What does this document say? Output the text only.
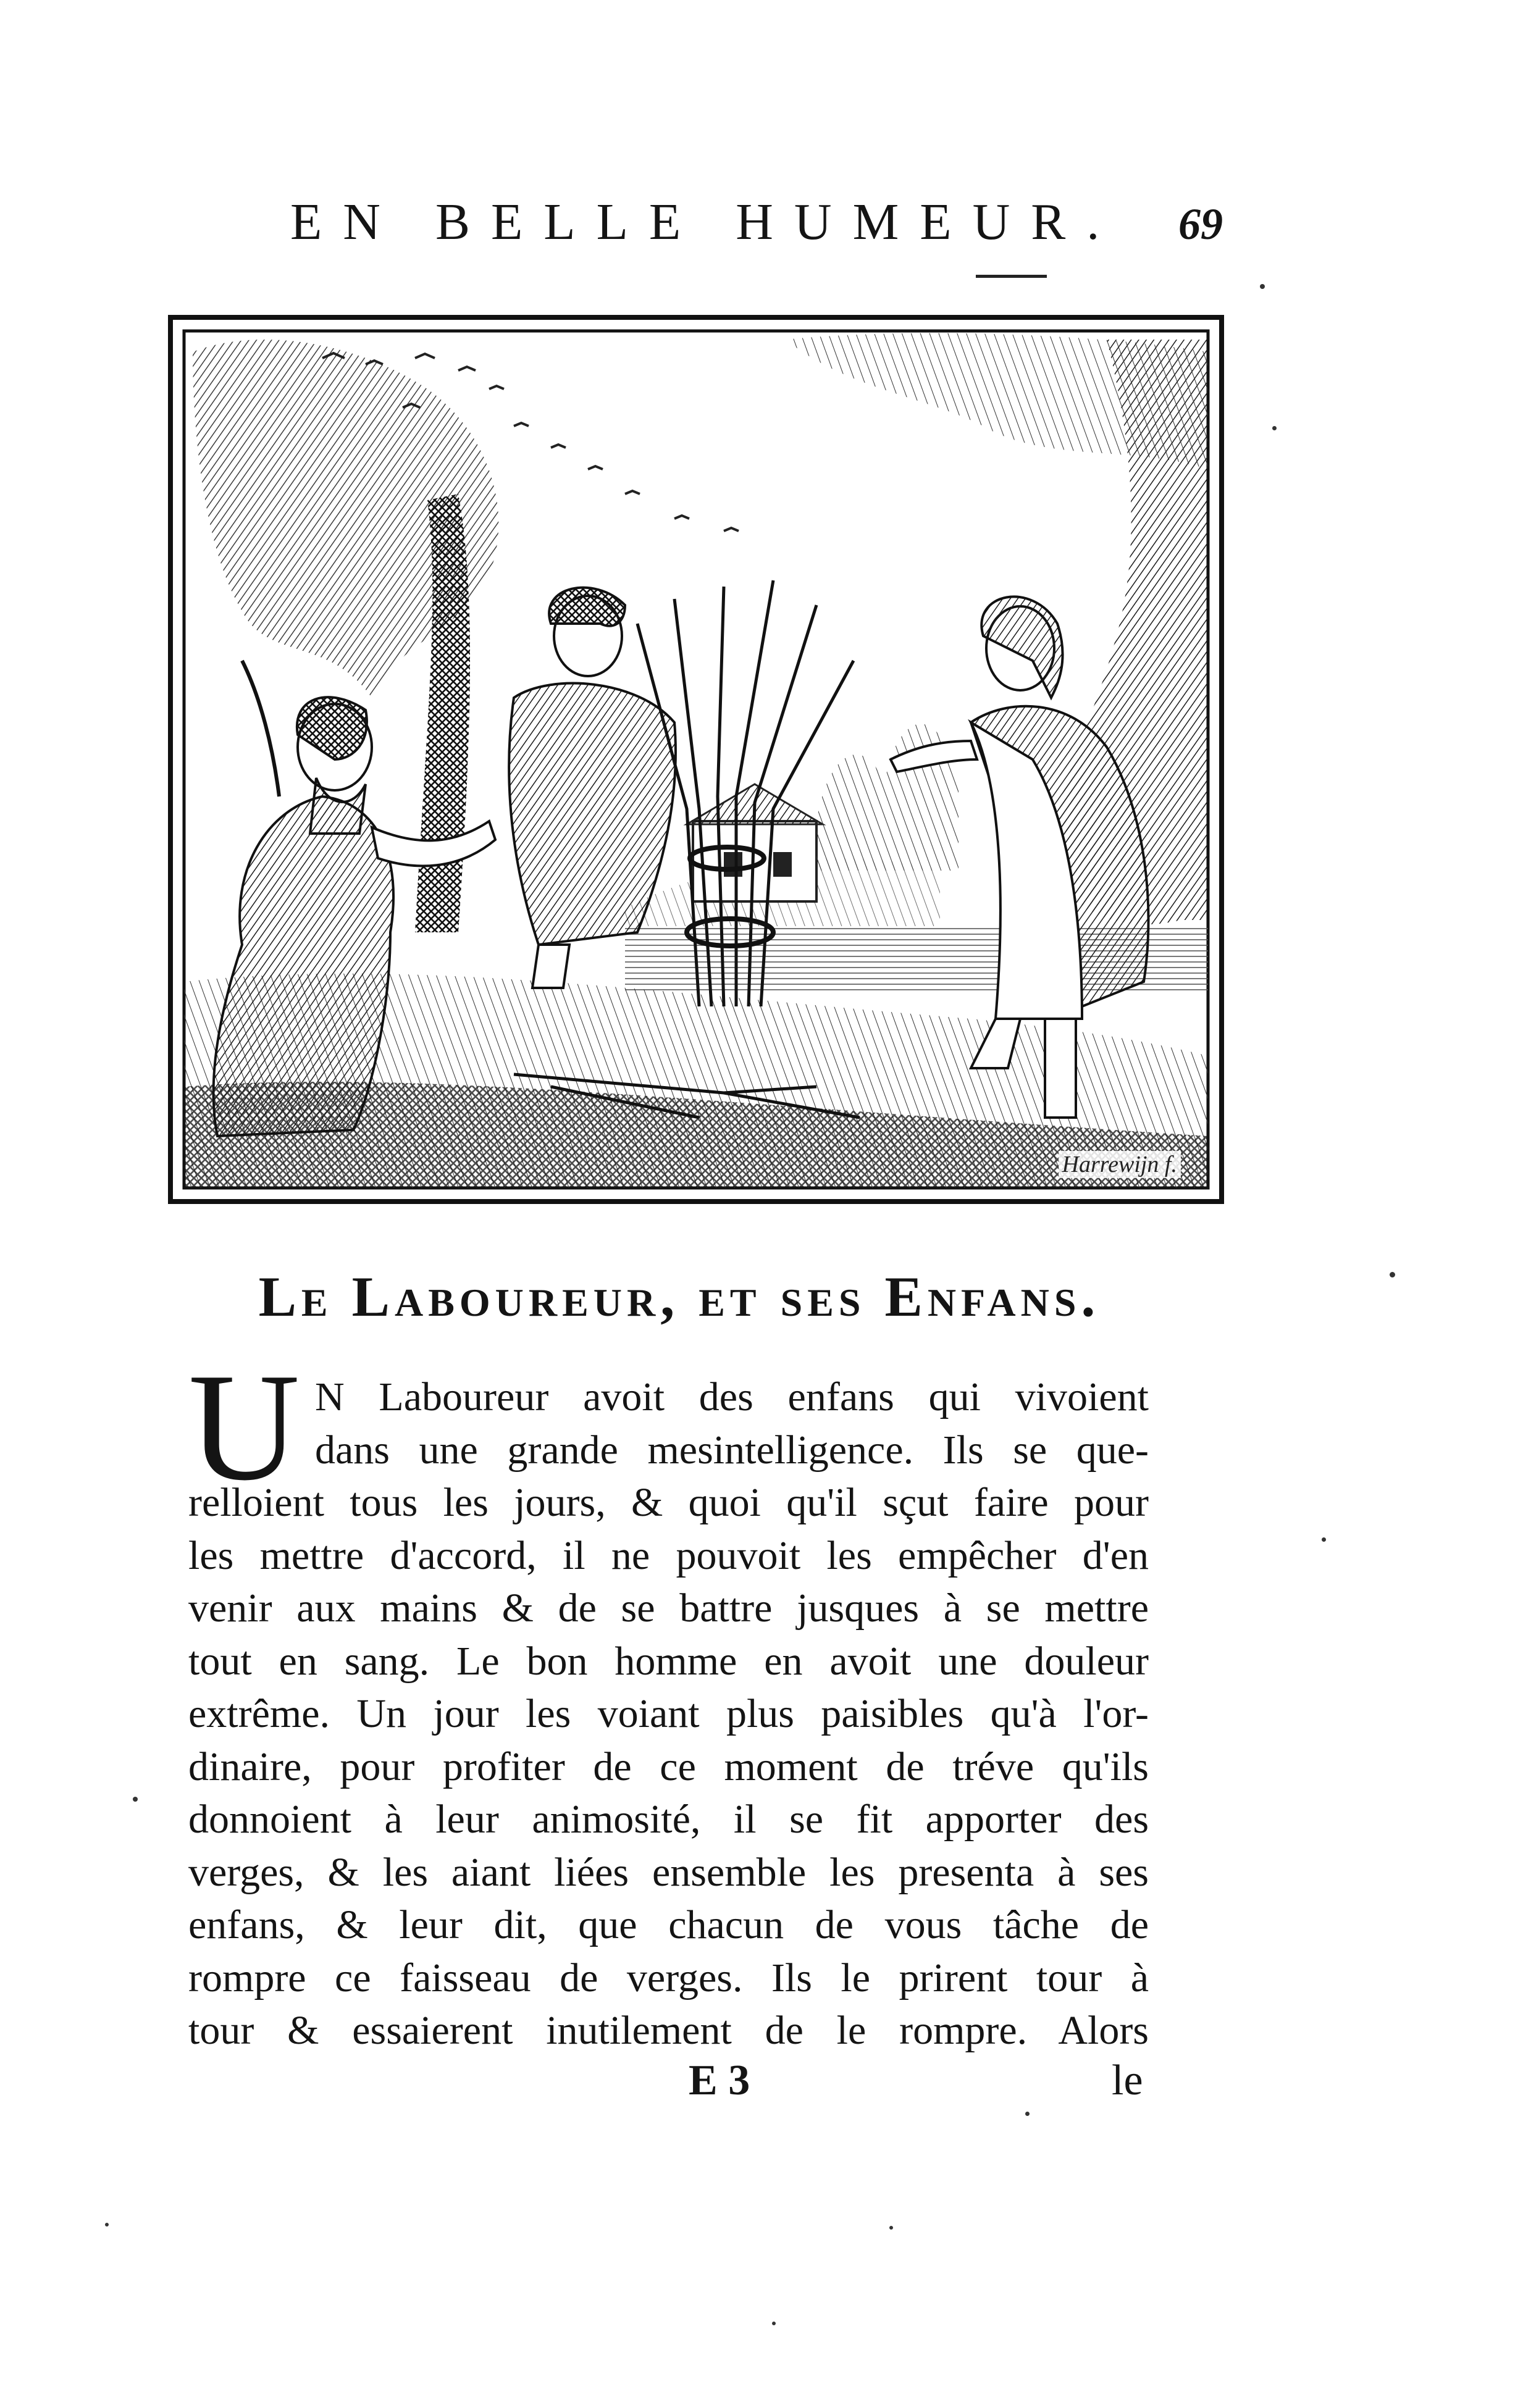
EN BELLE HUMEUR. 69
Harrewijn f.
Le Laboureur, et ses Enfans.
U N Laboureur avoit des enfans qui vivoient
dans une grande mesintelligence. Ils se que-
relloient tous les jours, & quoi qu'il sçut faire pour
les mettre d'accord, il ne pouvoit les empêcher d'en
venir aux mains & de se battre jusques à se mettre
tout en sang. Le bon homme en avoit une douleur
extrême. Un jour les voiant plus paisibles qu'à l'or-
dinaire, pour profiter de ce moment de tréve qu'ils
donnoient à leur animosité, il se fit apporter des
verges, & les aiant liées ensemble les presenta à ses
enfans, & leur dit, que chacun de vous tâche de
rompre ce faisseau de verges. Ils le prirent tour à
tour & essaierent inutilement de le rompre. Alors
E 3	le
